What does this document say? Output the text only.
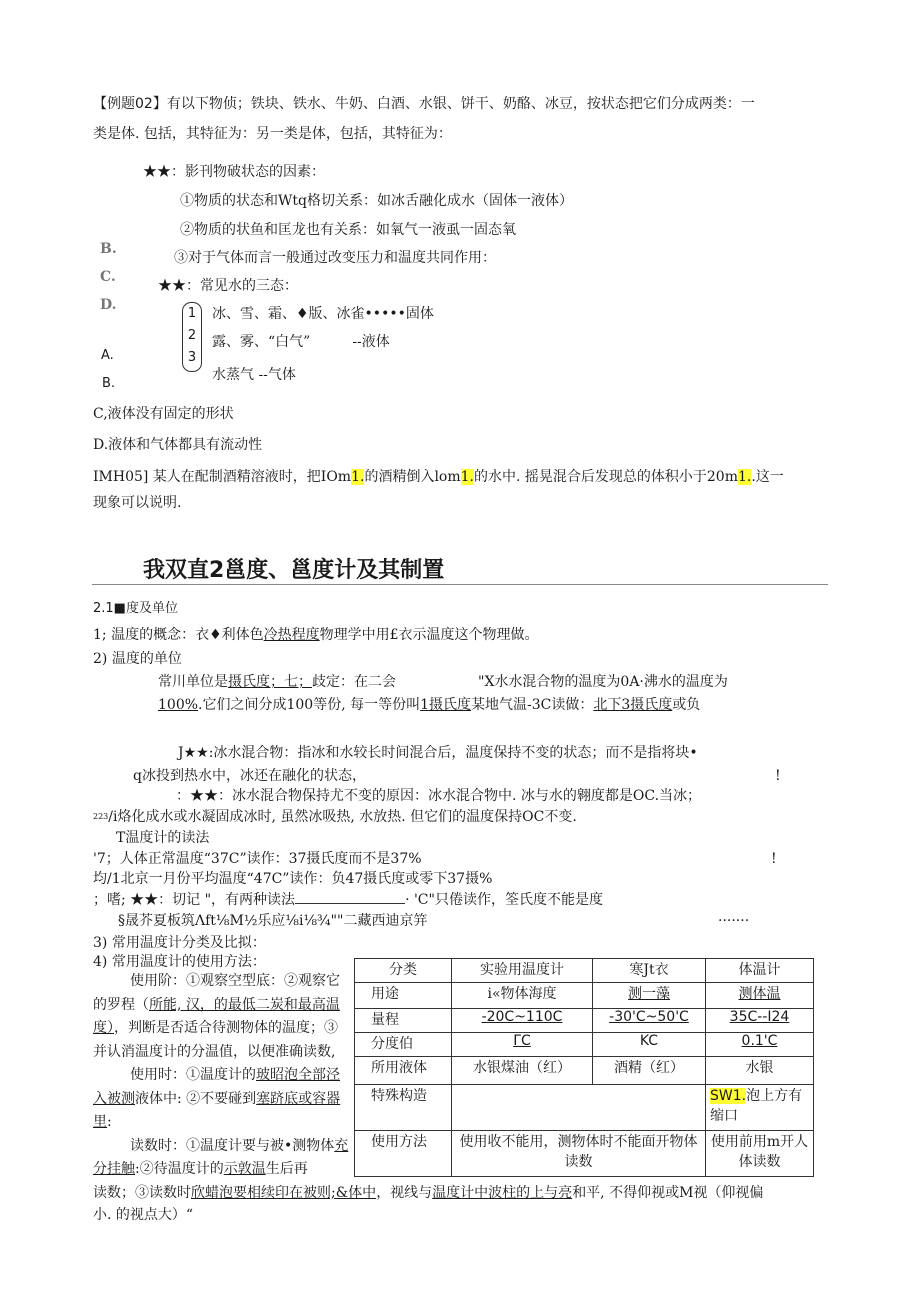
【例题02】有以下物侦；铁块、铁水、牛奶、白酒、水银、饼干、奶酪、冰豆，按状态把它们分成两类：一
类是体. 包括，其特征为：另一类是体，包括，其特征为：
★★：影刊物破状态的因素：
①物质的状态和Wtq格切关系：如冰舌融化成水（固体一液体）
②物质的状鱼和匡龙也有关系：如氧气一液虱一固态氧
B.
③对于气体而言一般通过改变压力和温度共同作用：
C.
★★：常见水的三态：
D.
1
2
3
冰、雪、霜、♦版、冰雀•••••固体
露、雾、“白气”	--液体
A.
水蒸气 --气体
B.
C,液体没有固定的形状
D.液体和气体都具有流动性
IMH05] 某人在配制酒精溶液时，把IOm1.的酒精倒入lom1.的水中. 摇晃混合后发现总的体积小于20m1..这一
现象可以说明.
我双直2邕度、邕度计及其制置
2.1■度及单位
1; 温度的概念：衣♦利体色冷热程度物理学中用£衣示温度这个物理做。
2) 温度的单位
常川单位是摄氏度；七；歧定：在二会	"X水水混合物的温度为0A·沸水的温度为
100%.它们之间分成100等份, 每一等份叫1摄氏度某地气温-3C读做：北下3摄氏度或负
J★★:冰水混合物：指冰和水较长时间混合后，温度保持不变的状态；而不是指将块•
q冰投到热水中，冰还在融化的状态，	!
：★★：冰水混合物保持尤不变的原因：冰水混合物中. 冰与水的翱度都是OC.当冰；
$^{223}$/i烙化成水或水凝固成冰时, 虽然冰吸热, 水放热. 但它们的温度保持OC不变.
T温度计的读法
'7；人体正常温度“37C”读作：37摄氏度而不是37%	!
均/1北京一月份平均温度“47C”读作：负47摄氏度或零下37摄%
；嗜; ★★：切记 "，有两种读法	· 'C"只倦读作，筌氏度不能是度
§晟芥夏板筑Λft⅛M½乐应⅛i⅛¾""二藏西迪京笄	·······
3) 常用温度计分类及比拟：
4) 常用温度计的使用方法：
使用阶：①观察空型底：②观察它的罗程（所能, 汉，的最低二炭和最高温度），判断是否适合待测物体的温度；③并认消温度计的分温值，以便准确读数,
使用时：①温度计的玻昭泡全部泾入被测液体中: ②不要碰到塞跻底或容器里:
读数时：①温度计要与被•测物体充分挂触:②待温度计的示敦温生后再
读数；③读数时欣蜡泡要相续印在被则;&体中，视线与温度计中波柱的上与亮和平, 不得仰视或M视（仰视偏
小. 的视点大）“
分类	实验用温度计	寒Jt衣	体温计
用途	i«物体海度	测一藻	测体温
量程	-20C~110C	-30'C~50'C	35C--I24
分度伯	ΓC	KC	0.1'C
所用液体	水银煤油（红）	酒精（红）	水银
特殊构造			SW1.泡上方有缩口
使用方法	使用收不能用，测物体时不能面开物体读数		使用前用m开人体读数
